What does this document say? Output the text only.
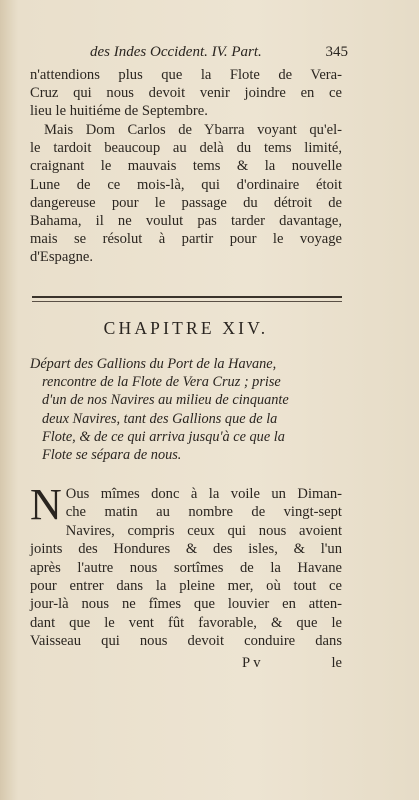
des Indes Occident. IV. Part.	345
n'attendions plus que la Flote de Vera-
Cruz qui nous devoit venir joindre en ce
lieu le huitiéme de Septembre.
Mais Dom Carlos de Ybarra voyant qu'el-
le tardoit beaucoup au delà du tems limité,
craignant le mauvais tems & la nouvelle
Lune de ce mois-là, qui d'ordinaire étoit
dangereuse pour le passage du détroit de
Bahama, il ne voulut pas tarder davantage,
mais se résolut à partir pour le voyage
d'Espagne.
CHAPITRE XIV.
Départ des Gallions du Port de la Havane,
rencontre de la Flote de Vera Cruz ; prise
d'un de nos Navires au milieu de cinquante
deux Navires, tant des Gallions que de la
Flote, & de ce qui arriva jusqu'à ce que la
Flote se sépara de nous.
N Ous mîmes donc à la voile un Diman-
che matin au nombre de vingt-sept
Navires, compris ceux qui nous avoient
joints des Hondures & des isles, & l'un
après l'autre nous sortîmes de la Havane
pour entrer dans la pleine mer, où tout ce
jour-là nous ne fîmes que louvier en atten-
dant que le vent fût favorable, & que le
Vaisseau qui nous devoit conduire dans
P v	le
